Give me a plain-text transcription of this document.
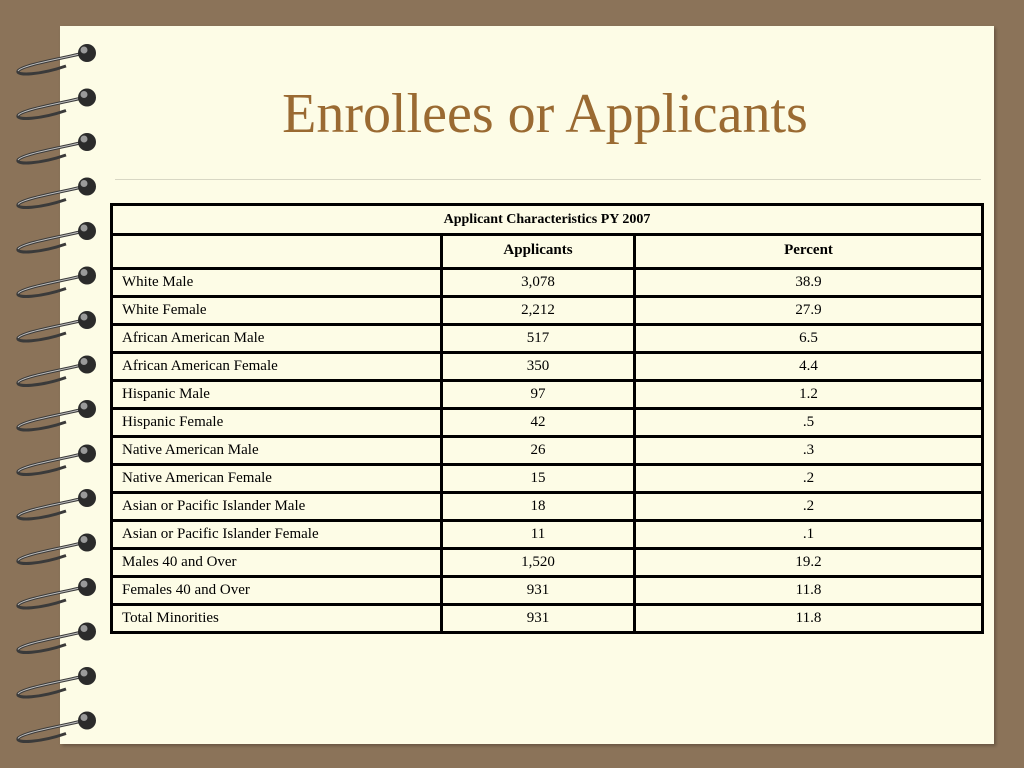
Enrollees or Applicants
Applicant Characteristics PY 2007		
	Applicants	Percent
White Male	3,078	38.9
White Female	2,212	27.9
African American Male	517	6.5
African American Female	350	4.4
Hispanic Male	97	1.2
Hispanic Female	42	.5
Native American Male	26	.3
Native American Female	15	.2
Asian or Pacific Islander Male	18	.2
Asian or Pacific Islander Female	11	.1
Males 40 and Over	1,520	19.2
Females 40 and Over	931	11.8
Total Minorities	931	11.8
